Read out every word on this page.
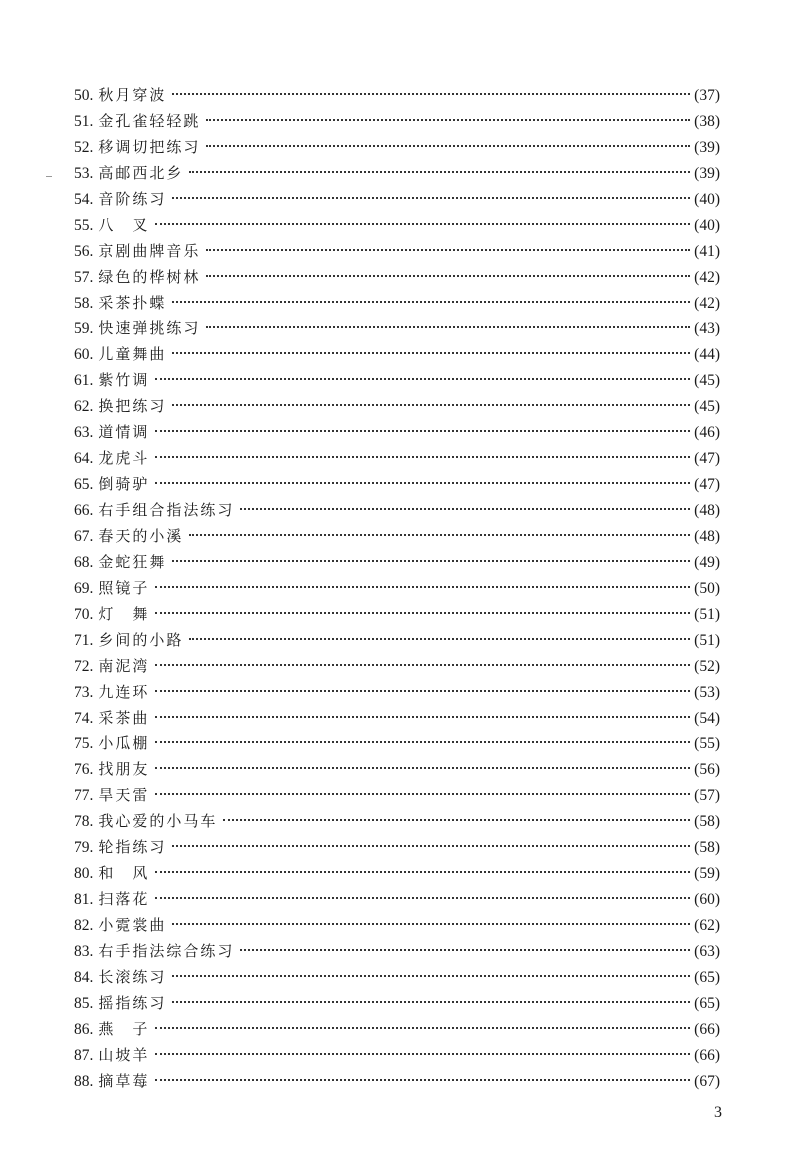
50. 秋月穿波	(37)
51. 金孔雀轻轻跳	(38)
52. 移调切把练习	(39)
53. 高邮西北乡	(39)
54. 音阶练习	(40)
55. 八　叉	(40)
56. 京剧曲牌音乐	(41)
57. 绿色的桦树林	(42)
58. 采茶扑蝶	(42)
59. 快速弹挑练习	(43)
60. 儿童舞曲	(44)
61. 紫竹调	(45)
62. 换把练习	(45)
63. 道情调	(46)
64. 龙虎斗	(47)
65. 倒骑驴	(47)
66. 右手组合指法练习	(48)
67. 春天的小溪	(48)
68. 金蛇狂舞	(49)
69. 照镜子	(50)
70. 灯　舞	(51)
71. 乡间的小路	(51)
72. 南泥湾	(52)
73. 九连环	(53)
74. 采茶曲	(54)
75. 小瓜棚	(55)
76. 找朋友	(56)
77. 旱天雷	(57)
78. 我心爱的小马车	(58)
79. 轮指练习	(58)
80. 和　风	(59)
81. 扫落花	(60)
82. 小霓裳曲	(62)
83. 右手指法综合练习	(63)
84. 长滚练习	(65)
85. 摇指练习	(65)
86. 燕　子	(66)
87. 山坡羊	(66)
88. 摘草莓	(67)
3
